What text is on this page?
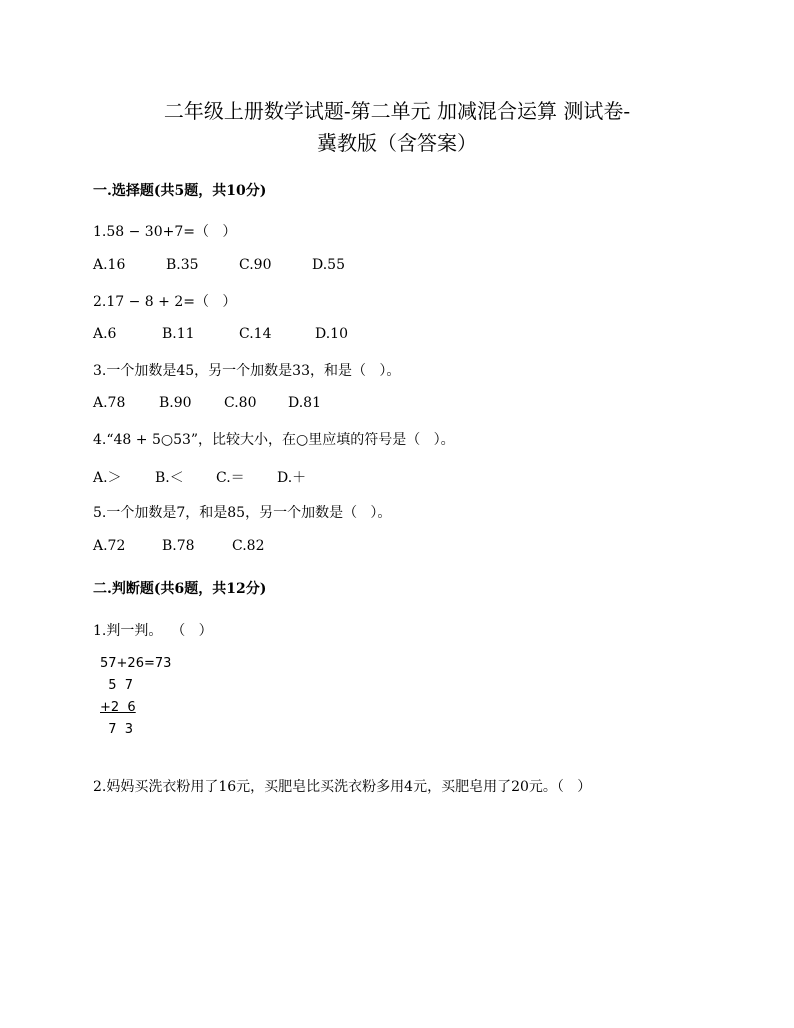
二年级上册数学试题-第二单元 加减混合运算 测试卷-
冀教版（含答案）
一.选择题(共5题，共10分)
1.58 − 30+7=（   ）
A.16	B.35	C.90	D.55
2.17 − 8 + 2=（   ）
A.6	B.11	C.14	D.10
3.一个加数是45，另一个加数是33，和是（   ）。
A.78 B.90 C.80 D.81
4.“48 + 5○53”，比较大小，在○里应填的符号是（   ）。
A.＞ B.＜ C.＝ D.＋
5.一个加数是7，和是85，另一个加数是（   ）。
A.72	B.78	C.82
二.判断题(共6题，共12分)
1.判一判。  （   ）
57+26=73
5  7
+2  6
7  3
2.妈妈买洗衣粉用了16元，买肥皂比买洗衣粉多用4元，买肥皂用了20元。（   ）
